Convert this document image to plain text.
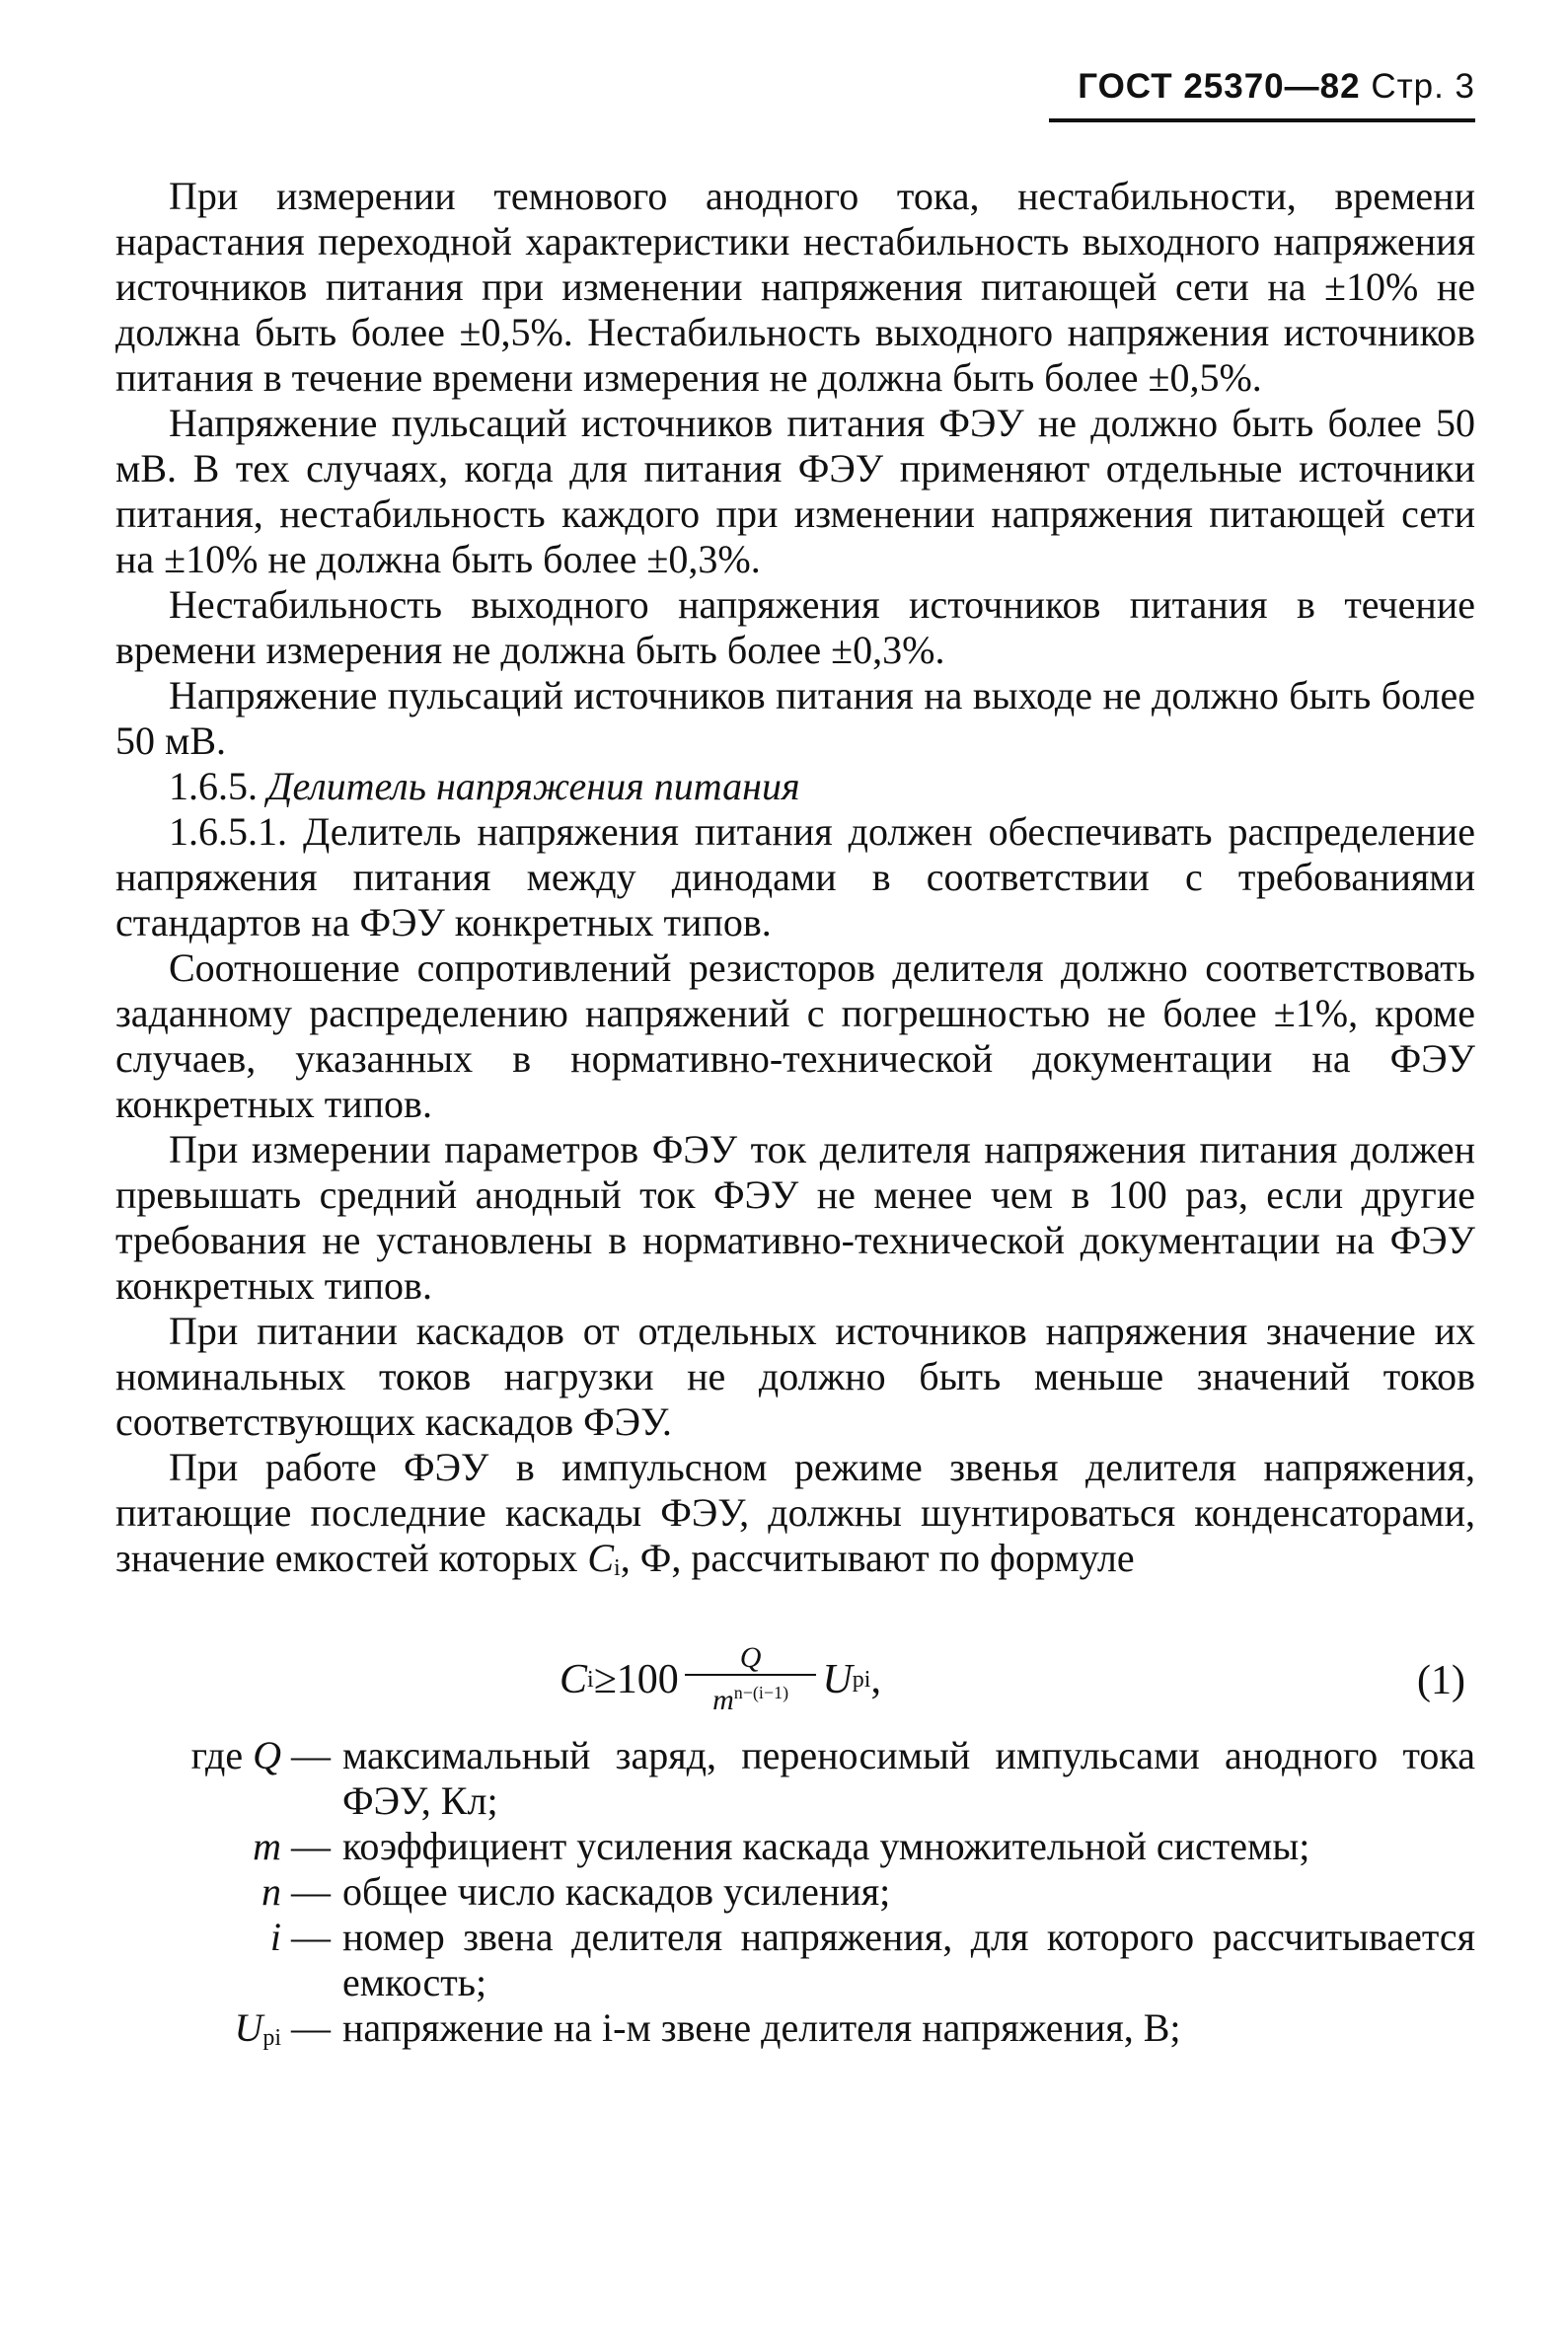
ГОСТ 25370—82 Стр. 3

При измерении темнового анодного тока, нестабильности, времени нарастания переходной характеристики нестабильность выходного напряжения источников питания при изменении напряжения питающей сети на ±10% не должна быть более ±0,5%. Нестабильность выходного напряжения источников питания в течение времени измерения не должна быть более ±0,5%.

Напряжение пульсаций источников питания ФЭУ не должно быть более 50 мВ. В тех случаях, когда для питания ФЭУ применяют отдельные источники питания, нестабильность каждого при изменении напряжения питающей сети на ±10% не должна быть более ±0,3%.

Нестабильность выходного напряжения источников питания в течение времени измерения не должна быть более ±0,3%.

Напряжение пульсаций источников питания на выходе не должно быть более 50 мВ.

1.6.5. Делитель напряжения питания

1.6.5.1. Делитель напряжения питания должен обеспечивать распределение напряжения питания между динодами в соответствии с требованиями стандартов на ФЭУ конкретных типов.

Соотношение сопротивлений резисторов делителя должно соответствовать заданному распределению напряжений с погрешностью не более ±1%, кроме случаев, указанных в нормативно-технической документации на ФЭУ конкретных типов.

При измерении параметров ФЭУ ток делителя напряжения питания должен превышать средний анодный ток ФЭУ не менее чем в 100 раз, если другие требования не установлены в нормативно-технической документации на ФЭУ конкретных типов.

При питании каскадов от отдельных источников напряжения значение их номинальных токов нагрузки не должно быть меньше значений токов соответствующих каскадов ФЭУ.

При работе ФЭУ в импульсном режиме звенья делителя напряжения, питающие последние каскады ФЭУ, должны шунтироваться конденсаторами, значение емкостей которых $C_i$, Ф, рассчитывают по формуле

C $i \ge 100 \frac{Q}{m^{n-(i-1)}}$ U pi ,	(1)
где Q — максимальный заряд, переносимый импульсами анодного тока ФЭУ, Кл;
m — коэффициент усиления каскада умножительной системы;
n — общее число каскадов усиления;
i — номер звена делителя напряжения, для которого рассчитывается емкость;
$U_{pi}$ — напряжение на i-м звене делителя напряжения, В;
